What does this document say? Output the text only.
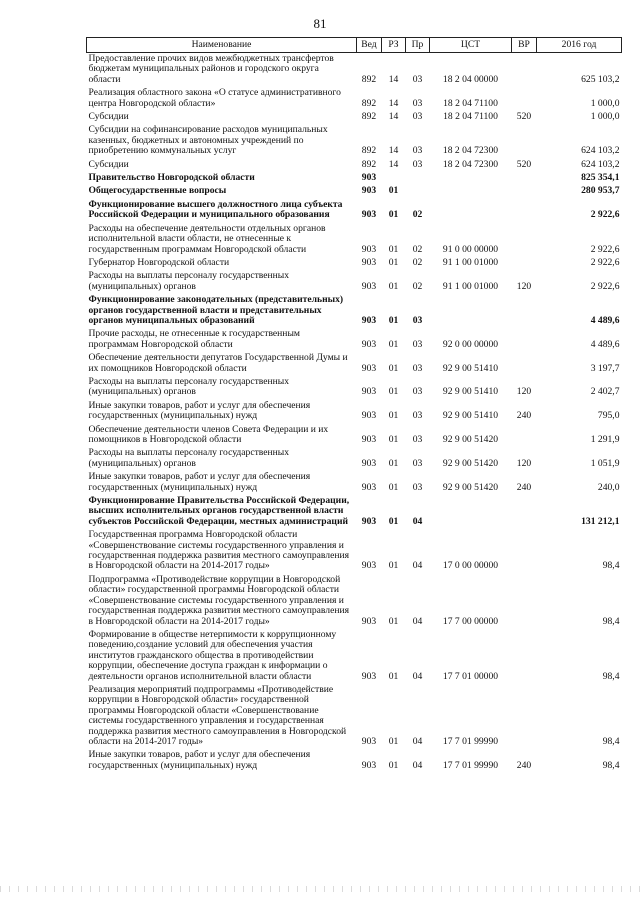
81
Наименование	Вед	РЗ	Пр	ЦСТ	ВР	2016 год
Предоставление прочих видов межбюджетных трансфертов бюджетам муниципальных районов и городского округа области	892	14	03	18 2 04 00000		625 103,2
Реализация областного закона «О статусе административного центра Новгородской области»	892	14	03	18 2 04 71100		1 000,0
Субсидии	892	14	03	18 2 04 71100	520	1 000,0
Субсидии на софинансирование расходов муниципальных казенных, бюджетных и автономных учреждений по приобретению коммунальных услуг	892	14	03	18 2 04 72300		624 103,2
Субсидии	892	14	03	18 2 04 72300	520	624 103,2
Правительство Новгородской области	903					825 354,1
Общегосударственные вопросы	903	01				280 953,7
Функционирование высшего должностного лица субъекта Российской Федерации и муниципального образования	903	01	02			2 922,6
Расходы на обеспечение деятельности отдельных органов исполнительной власти области, не отнесенные к государственным программам Новгородской области	903	01	02	91 0 00 00000		2 922,6
Губернатор Новгородской области	903	01	02	91 1 00 01000		2 922,6
Расходы на выплаты персоналу государственных (муниципальных) органов	903	01	02	91 1 00 01000	120	2 922,6
Функционирование законодательных (представительных) органов государственной власти и представительных органов муниципальных образований	903	01	03			4 489,6
Прочие расходы, не отнесенные к государственным программам Новгородской области	903	01	03	92 0 00 00000		4 489,6
Обеспечение деятельности депутатов Государственной Думы и их помощников Новгородской области	903	01	03	92 9 00 51410		3 197,7
Расходы на выплаты персоналу государственных (муниципальных) органов	903	01	03	92 9 00 51410	120	2 402,7
Иные закупки товаров, работ и услуг для обеспечения государственных (муниципальных) нужд	903	01	03	92 9 00 51410	240	795,0
Обеспечение деятельности членов Совета Федерации и их помощников в Новгородской области	903	01	03	92 9 00 51420		1 291,9
Расходы на выплаты персоналу государственных (муниципальных) органов	903	01	03	92 9 00 51420	120	1 051,9
Иные закупки товаров, работ и услуг для обеспечения государственных (муниципальных) нужд	903	01	03	92 9 00 51420	240	240,0
Функционирование Правительства Российской Федерации, высших исполнительных органов государственной власти субъектов Российской Федерации, местных администраций	903	01	04			131 212,1
Государственная программа Новгородской области «Совершенствование системы государственного управления и государственная поддержка развития местного самоуправления в Новгородской области на 2014-2017 годы»	903	01	04	17 0 00 00000		98,4
Подпрограмма «Противодействие коррупции в Новгородской области» государственной программы Новгородской области «Совершенствование системы государственного управления и государственная поддержка развития местного самоуправления в Новгородской области на 2014-2017 годы»	903	01	04	17 7 00 00000		98,4
Формирование в обществе нетерпимости к коррупционному поведению,создание условий для обеспечения участия институтов гражданского общества в противодействии коррупции, обеспечение доступа граждан к информации о деятельности органов исполнительной власти области	903	01	04	17 7 01 00000		98,4
Реализация мероприятий подпрограммы «Противодействие коррупции в Новгородской области» государственной программы Новгородской области «Совершенствование системы государственного управления и государственная поддержка развития местного самоуправления в Новгородской области на 2014-2017 годы»	903	01	04	17 7 01 99990		98,4
Иные закупки товаров, работ и услуг для обеспечения государственных (муниципальных) нужд	903	01	04	17 7 01 99990	240	98,4
